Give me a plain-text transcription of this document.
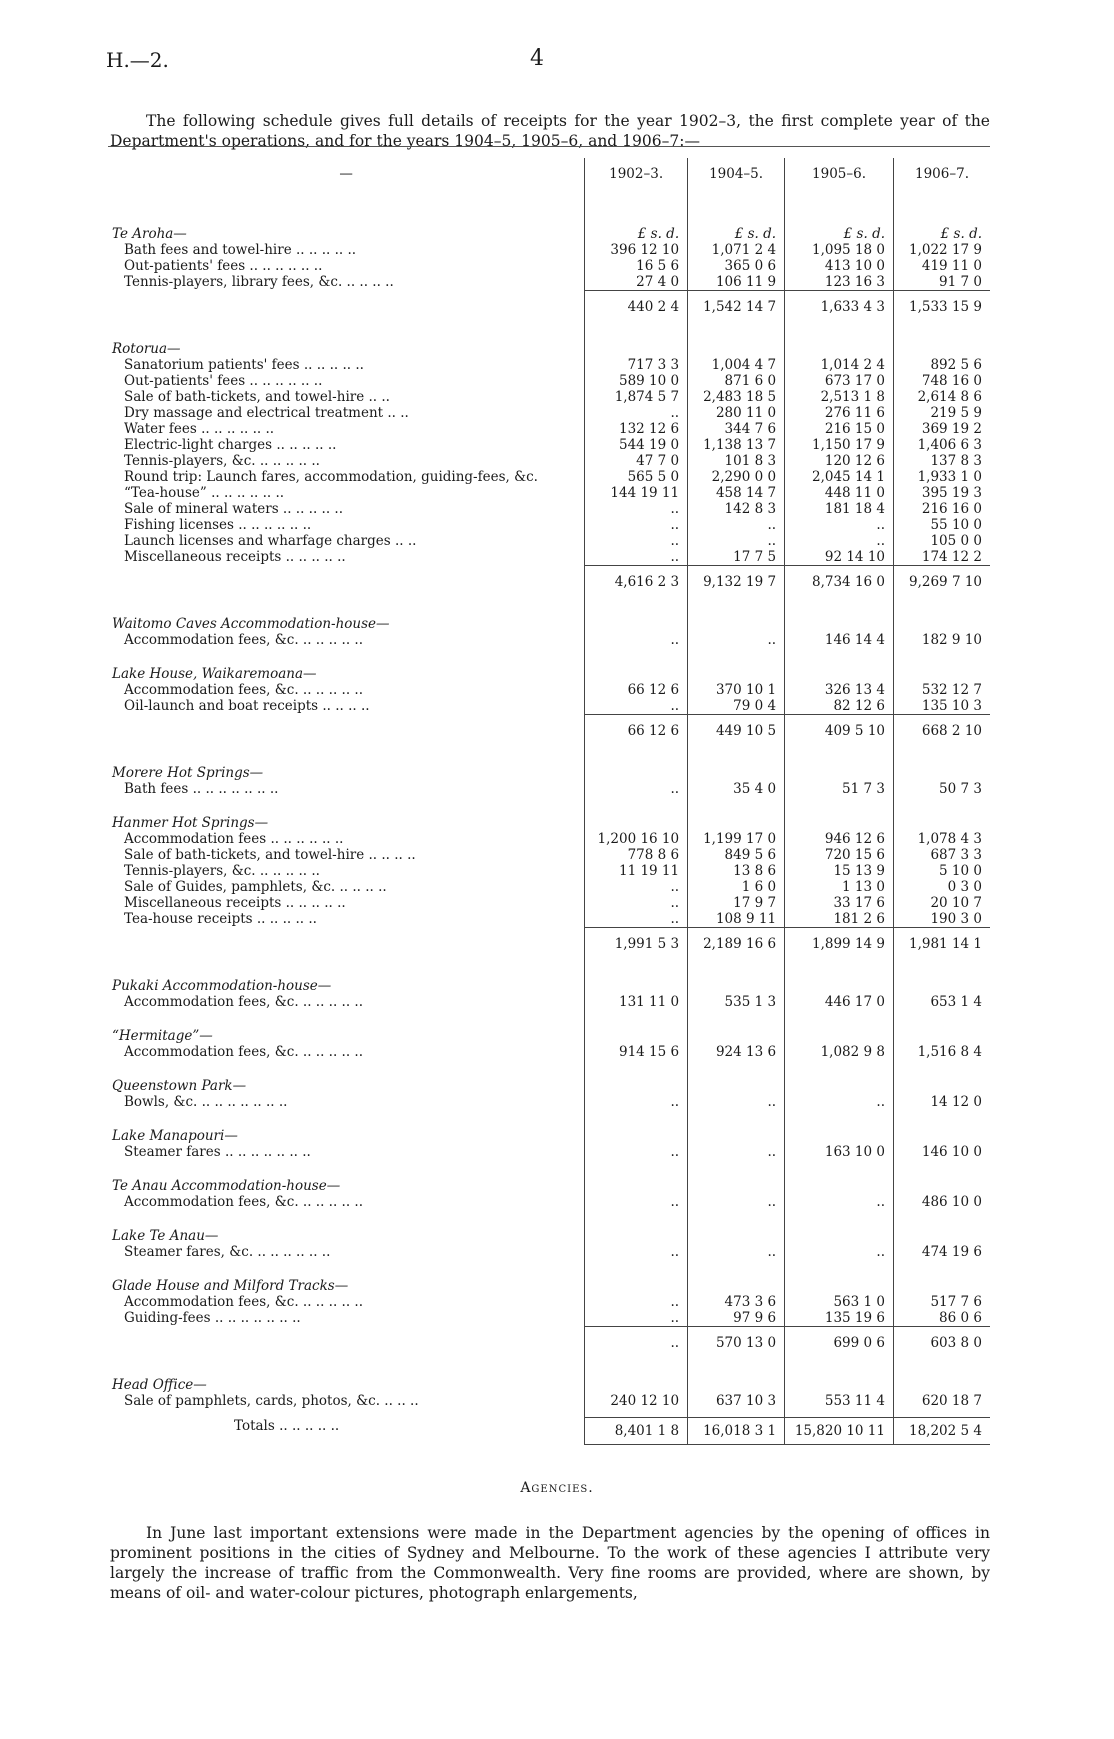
H.—2.	4

The following schedule gives full details of receipts for the year 1902–3, the first complete year of the Department's operations, and for the years 1904–5, 1905–6, and 1906–7:—

—	1902–3.	1904–5.	1905–6.	1906–7.
Te Aroha—	£ s. d.	£ s. d.	£ s. d.	£ s. d.
Bath fees and towel-hire .. .. .. .. ..	396 12 10	1,071 2 4	1,095 18 0	1,022 17 9
Out-patients' fees .. .. .. .. .. ..	16 5 6	365 0 6	413 10 0	419 11 0
Tennis-players, library fees, &c. .. .. .. ..	27 4 0	106 11 9	123 16 3	91 7 0
	440 2 4	1,542 14 7	1,633 4 3	1,533 15 9
Rotorua—				
Sanatorium patients' fees .. .. .. .. ..	717 3 3	1,004 4 7	1,014 2 4	892 5 6
Out-patients' fees .. .. .. .. .. ..	589 10 0	871 6 0	673 17 0	748 16 0
Sale of bath-tickets, and towel-hire .. ..	1,874 5 7	2,483 18 5	2,513 1 8	2,614 8 6
Dry massage and electrical treatment .. ..	..	280 11 0	276 11 6	219 5 9
Water fees .. .. .. .. .. ..	132 12 6	344 7 6	216 15 0	369 19 2
Electric-light charges .. .. .. .. ..	544 19 0	1,138 13 7	1,150 17 9	1,406 6 3
Tennis-players, &c. .. .. .. .. ..	47 7 0	101 8 3	120 12 6	137 8 3
Round trip: Launch fares, accommodation, guiding-fees, &c.	565 5 0	2,290 0 0	2,045 14 1	1,933 1 0
“Tea-house” .. .. .. .. .. ..	144 19 11	458 14 7	448 11 0	395 19 3
Sale of mineral waters .. .. .. .. ..	..	142 8 3	181 18 4	216 16 0
Fishing licenses .. .. .. .. .. ..	..	..	..	55 10 0
Launch licenses and wharfage charges .. ..	..	..	..	105 0 0
Miscellaneous receipts .. .. .. .. ..	..	17 7 5	92 14 10	174 12 2
	4,616 2 3	9,132 19 7	8,734 16 0	9,269 7 10
Waitomo Caves Accommodation-house—				
Accommodation fees, &c. .. .. .. .. ..	..	..	146 14 4	182 9 10
Lake House, Waikaremoana—				
Accommodation fees, &c. .. .. .. .. ..	66 12 6	370 10 1	326 13 4	532 12 7
Oil-launch and boat receipts .. .. .. ..	..	79 0 4	82 12 6	135 10 3
	66 12 6	449 10 5	409 5 10	668 2 10
Morere Hot Springs—				
Bath fees .. .. .. .. .. .. ..	..	35 4 0	51 7 3	50 7 3
Hanmer Hot Springs—				
Accommodation fees .. .. .. .. .. ..	1,200 16 10	1,199 17 0	946 12 6	1,078 4 3
Sale of bath-tickets, and towel-hire .. .. .. ..	778 8 6	849 5 6	720 15 6	687 3 3
Tennis-players, &c. .. .. .. .. ..	11 19 11	13 8 6	15 13 9	5 10 0
Sale of Guides, pamphlets, &c. .. .. .. ..	..	1 6 0	1 13 0	0 3 0
Miscellaneous receipts .. .. .. .. ..	..	17 9 7	33 17 6	20 10 7
Tea-house receipts .. .. .. .. ..	..	108 9 11	181 2 6	190 3 0
	1,991 5 3	2,189 16 6	1,899 14 9	1,981 14 1
Pukaki Accommodation-house—				
Accommodation fees, &c. .. .. .. .. ..	131 11 0	535 1 3	446 17 0	653 1 4
“Hermitage”—				
Accommodation fees, &c. .. .. .. .. ..	914 15 6	924 13 6	1,082 9 8	1,516 8 4
Queenstown Park—				
Bowls, &c. .. .. .. .. .. .. ..	..	..	..	14 12 0
Lake Manapouri—				
Steamer fares .. .. .. .. .. .. ..	..	..	163 10 0	146 10 0
Te Anau Accommodation-house—				
Accommodation fees, &c. .. .. .. .. ..	..	..	..	486 10 0
Lake Te Anau—				
Steamer fares, &c. .. .. .. .. .. ..	..	..	..	474 19 6
Glade House and Milford Tracks—				
Accommodation fees, &c. .. .. .. .. ..	..	473 3 6	563 1 0	517 7 6
Guiding-fees .. .. .. .. .. .. ..	..	97 9 6	135 19 6	86 0 6
	..	570 13 0	699 0 6	603 8 0
Head Office—				
Sale of pamphlets, cards, photos, &c. .. .. ..	240 12 10	637 10 3	553 11 4	620 18 7

Totals .. .. .. .. ..	8,401 1 8	16,018 3 1	15,820 10 11	18,202 5 4
Agencies.

In June last important extensions were made in the Department agencies by the opening of offices in prominent positions in the cities of Sydney and Melbourne. To the work of these agencies I attribute very largely the increase of traffic from the Commonwealth. Very fine rooms are provided, where are shown, by means of oil- and water-colour pictures, photograph enlargements,
